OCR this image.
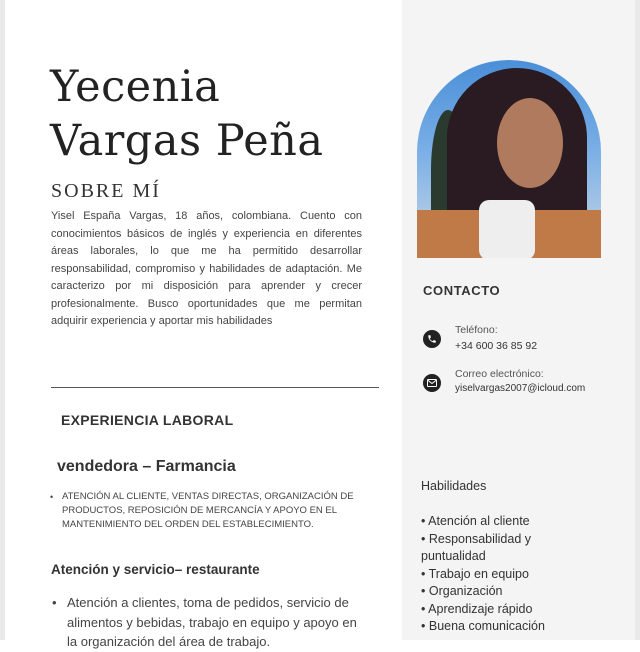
Yecenia
Vargas Peña
SOBRE MÍ

Yisel España Vargas, 18 años, colombiana. Cuento con conocimientos básicos de inglés y experiencia en diferentes áreas laborales, lo que me ha permitido desarrollar responsabilidad, compromiso y habilidades de adaptación. Me caracterizo por mi disposición para aprender y crecer profesionalmente. Busco oportunidades que me permitan adquirir experiencia y aportar mis habilidades

EXPERIENCIA LABORAL
vendedora – Farmancia
• ATENCIÓN AL CLIENTE, VENTAS DIRECTAS, ORGANIZACIÓN DE PRODUCTOS, REPOSICIÓN DE MERCANCÍA Y APOYO EN EL MANTENIMIENTO DEL ORDEN DEL ESTABLECIMIENTO.
Atención y servicio– restaurante
• Atención a clientes, toma de pedidos, servicio de alimentos y bebidas, trabajo en equipo y apoyo en la organización del área de trabajo.
CONTACTO
Teléfono:
+34 600 36 85 92
Correo electrónico:
yiselvargas2007@icloud.com
Habilidades
• Atención al cliente
• Responsabilidad y puntualidad
• Trabajo en equipo
• Organización
• Aprendizaje rápido
• Buena comunicación
